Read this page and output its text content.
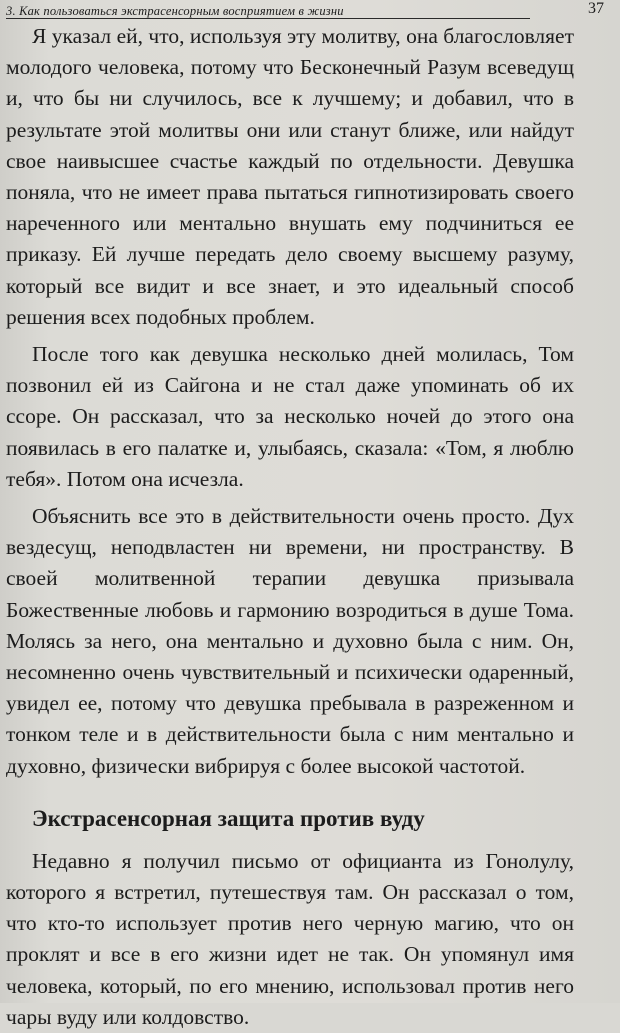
3. Как пользоваться экстрасенсорным восприятием в жизни	37

Я указал ей, что, используя эту молитву, она благословляет молодого человека, потому что Бесконечный Разум всеведущ и, что бы ни случилось, все к лучшему; и добавил, что в результате этой молитвы они или станут ближе, или найдут свое наивысшее счастье каждый по отдельности. Девушка поняла, что не имеет права пытаться гипнотизировать своего нареченного или ментально внушать ему подчиниться ее приказу. Ей лучше передать дело своему высшему разуму, который все видит и все знает, и это идеальный способ решения всех подобных проблем.

После того как девушка несколько дней молилась, Том позвонил ей из Сайгона и не стал даже упоминать об их ссоре. Он рассказал, что за несколько ночей до этого она появилась в его палатке и, улыбаясь, сказала: «Том, я люблю тебя». Потом она исчезла.

Объяснить все это в действительности очень просто. Дух вездесущ, неподвластен ни времени, ни пространству. В своей молитвенной терапии девушка призывала Божественные любовь и гармонию возродиться в душе Тома. Молясь за него, она ментально и духовно была с ним. Он, несомненно очень чувствительный и психически одаренный, увидел ее, потому что девушка пребывала в разреженном и тонком теле и в действительности была с ним ментально и духовно, физически вибрируя с более высокой частотой.

Экстрасенсорная защита против вуду

Недавно я получил письмо от официанта из Гонолулу, которого я встретил, путешествуя там. Он рассказал о том, что кто-то использует против него черную магию, что он проклят и все в его жизни идет не так. Он упомянул имя человека, который, по его мнению, использовал против него чары вуду или колдовство.
